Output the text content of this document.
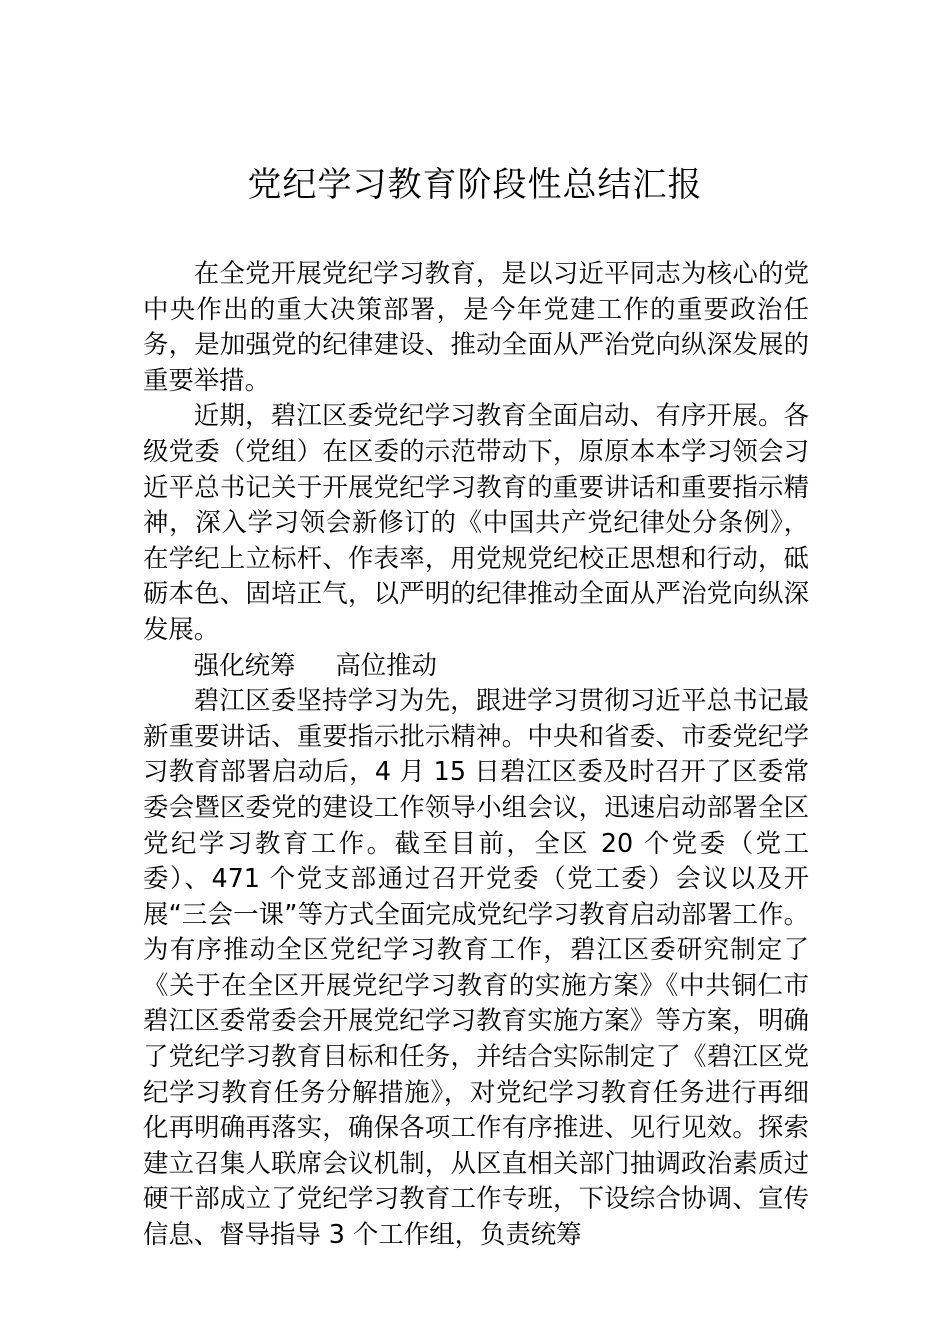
党纪学习教育阶段性总结汇报

在全党开展党纪学习教育，是以习近平同志为核心的党中央作出的重大决策部署，是今年党建工作的重要政治任务，是加强党的纪律建设、推动全面从严治党向纵深发展的重要举措。

近期，碧江区委党纪学习教育全面启动、有序开展。各级党委（党组）在区委的示范带动下，原原本本学习领会习近平总书记关于开展党纪学习教育的重要讲话和重要指示精神，深入学习领会新修订的《中国共产党纪律处分条例》，在学纪上立标杆、作表率，用党规党纪校正思想和行动，砥砺本色、固培正气，以严明的纪律推动全面从严治党向纵深发展。

强化统筹 高位推动

碧江区委坚持学习为先，跟进学习贯彻习近平总书记最新重要讲话、重要指示批示精神。中央和省委、市委党纪学习教育部署启动后，4 月 15 日碧江区委及时召开了区委常委会暨区委党的建设工作领导小组会议，迅速启动部署全区党纪学习教育工作。截至目前，全区 20 个党委（党工委）、471 个党支部通过召开党委（党工委）会议以及开展“三会一课”等方式全面完成党纪学习教育启动部署工作。为有序推动全区党纪学习教育工作，碧江区委研究制定了《关于在全区开展党纪学习教育的实施方案》《中共铜仁市碧江区委常委会开展党纪学习教育实施方案》等方案，明确了党纪学习教育目标和任务，并结合实际制定了《碧江区党纪学习教育任务分解措施》，对党纪学习教育任务进行再细化再明确再落实，确保各项工作有序推进、见行见效。探索建立召集人联席会议机制，从区直相关部门抽调政治素质过硬干部成立了党纪学习教育工作专班，下设综合协调、宣传信息、督导指导 3 个工作组，负责统筹
